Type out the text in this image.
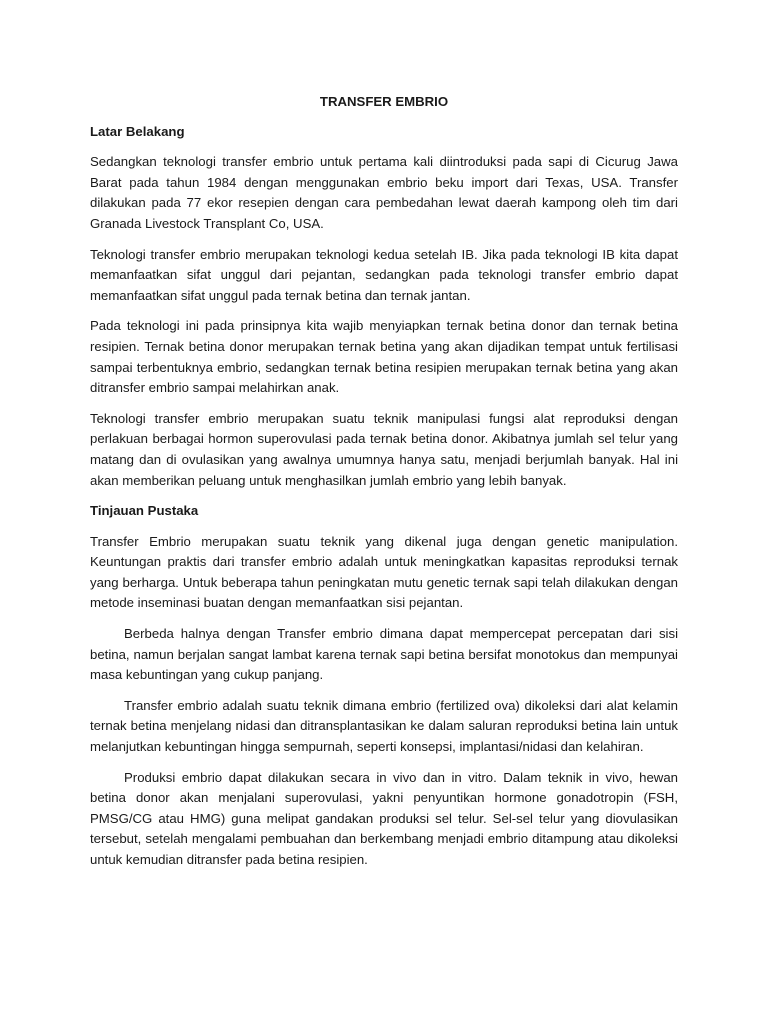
TRANSFER EMBRIO
Latar Belakang

Sedangkan teknologi transfer embrio untuk pertama kali diintroduksi pada sapi di Cicurug Jawa Barat pada tahun 1984 dengan menggunakan embrio beku import dari Texas, USA. Transfer dilakukan pada 77 ekor resepien dengan cara pembedahan lewat daerah kampong oleh tim dari Granada Livestock Transplant Co, USA.

Teknologi transfer embrio merupakan teknologi kedua setelah IB. Jika pada teknologi IB kita dapat memanfaatkan sifat unggul dari pejantan, sedangkan pada teknologi transfer embrio dapat memanfaatkan sifat unggul pada ternak betina dan ternak jantan.

Pada teknologi ini pada prinsipnya kita wajib menyiapkan ternak betina donor dan ternak betina resipien. Ternak betina donor merupakan ternak betina yang akan dijadikan tempat untuk fertilisasi sampai terbentuknya embrio, sedangkan ternak betina resipien merupakan ternak betina yang akan ditransfer embrio sampai melahirkan anak.

Teknologi transfer embrio merupakan suatu teknik manipulasi fungsi alat reproduksi dengan perlakuan berbagai hormon superovulasi pada ternak betina donor. Akibatnya jumlah sel telur yang matang dan di ovulasikan yang awalnya umumnya hanya satu, menjadi berjumlah banyak. Hal ini akan memberikan peluang untuk menghasilkan jumlah embrio yang lebih banyak.

Tinjauan Pustaka

Transfer Embrio merupakan suatu teknik yang dikenal juga dengan genetic manipulation. Keuntungan praktis dari transfer embrio adalah untuk meningkatkan kapasitas reproduksi ternak yang berharga. Untuk beberapa tahun peningkatan mutu genetic ternak sapi telah dilakukan dengan metode inseminasi buatan dengan memanfaatkan sisi pejantan.

Berbeda halnya dengan Transfer embrio dimana dapat mempercepat percepatan dari sisi betina, namun berjalan sangat lambat karena ternak sapi betina bersifat monotokus dan mempunyai masa kebuntingan yang cukup panjang.

Transfer embrio adalah suatu teknik dimana embrio (fertilized ova) dikoleksi dari alat kelamin ternak betina menjelang nidasi dan ditransplantasikan ke dalam saluran reproduksi betina lain untuk melanjutkan kebuntingan hingga sempurnah, seperti konsepsi, implantasi/nidasi dan kelahiran.

Produksi embrio dapat dilakukan secara in vivo dan in vitro. Dalam teknik in vivo, hewan betina donor akan menjalani superovulasi, yakni penyuntikan hormone gonadotropin (FSH, PMSG/CG atau HMG) guna melipat gandakan produksi sel telur. Sel-sel telur yang diovulasikan tersebut, setelah mengalami pembuahan dan berkembang menjadi embrio ditampung atau dikoleksi untuk kemudian ditransfer pada betina resipien.
